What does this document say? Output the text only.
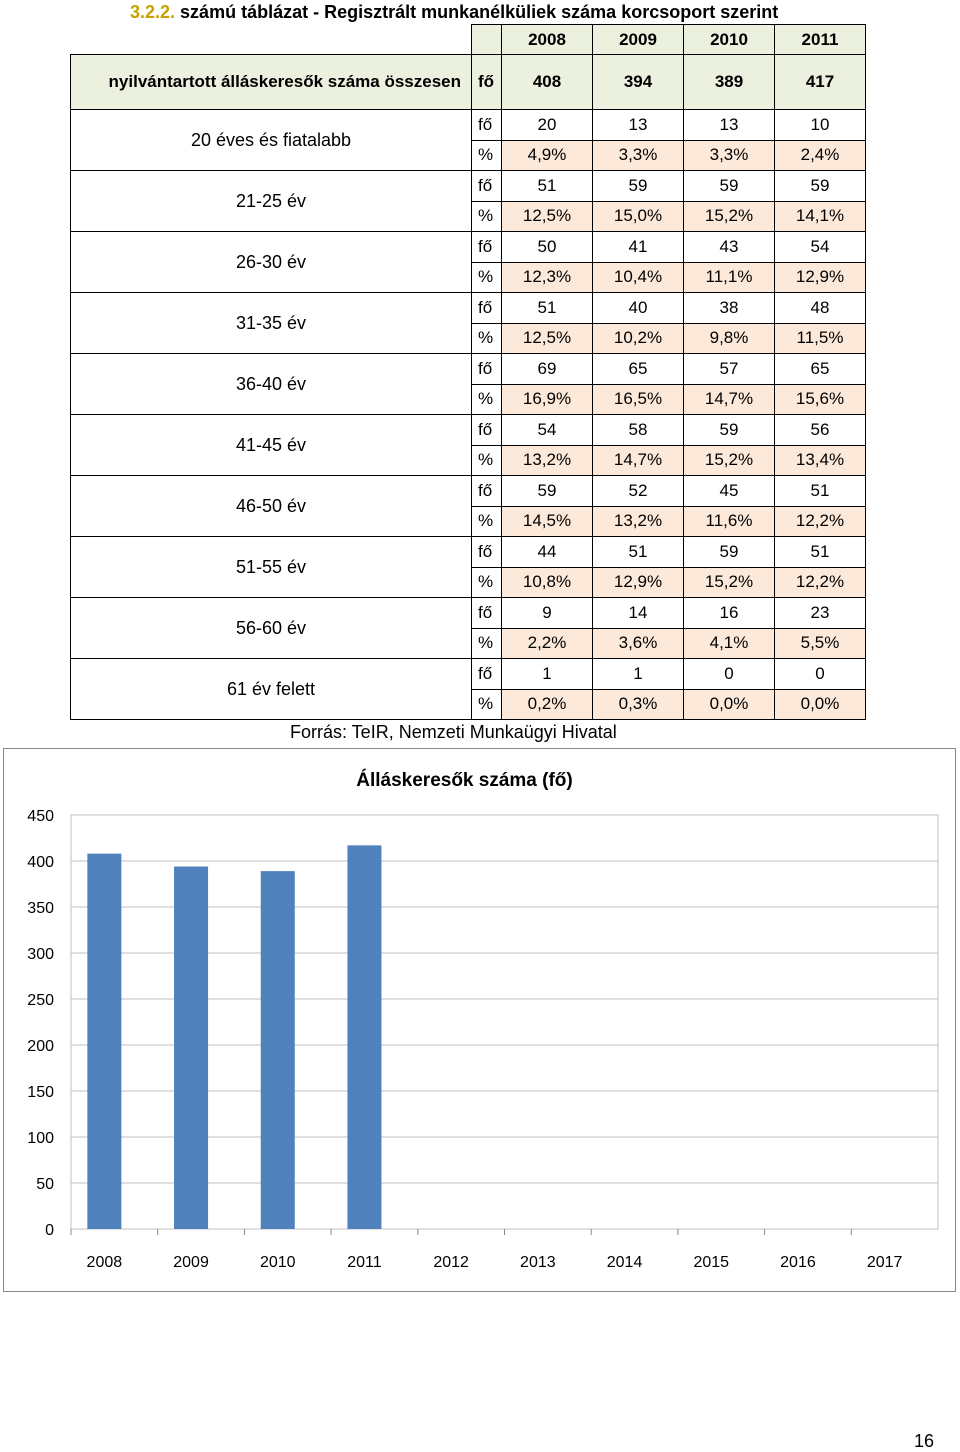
3.2.2. számú táblázat - Regisztrált munkanélküliek száma korcsoport szerint
		2008	2009	2010	2011
nyilvántartott álláskeresők száma összesen	fő	408	394	389	417
20 éves és fiatalabb	fő	20	13	13	10
	%	4,9%	3,3%	3,3%	2,4%
21-25 év	fő	51	59	59	59
	%	12,5%	15,0%	15,2%	14,1%
26-30 év	fő	50	41	43	54
	%	12,3%	10,4%	11,1%	12,9%
31-35 év	fő	51	40	38	48
	%	12,5%	10,2%	9,8%	11,5%
36-40 év	fő	69	65	57	65
	%	16,9%	16,5%	14,7%	15,6%
41-45 év	fő	54	58	59	56
	%	13,2%	14,7%	15,2%	13,4%
46-50 év	fő	59	52	45	51
	%	14,5%	13,2%	11,6%	12,2%
51-55 év	fő	44	51	59	51
	%	10,8%	12,9%	15,2%	12,2%
56-60 év	fő	9	14	16	23
	%	2,2%	3,6%	4,1%	5,5%
61 év felett	fő	1	1	0	0
	%	0,2%	0,3%	0,0%	0,0%
Forrás: TeIR, Nemzeti Munkaügyi Hivatal
Álláskeresők száma (fő)
0
50
100
150
200
250
300
350
400
450
2008	2009	2010	2011	2012	2013	2014	2015	2016	2017
16
